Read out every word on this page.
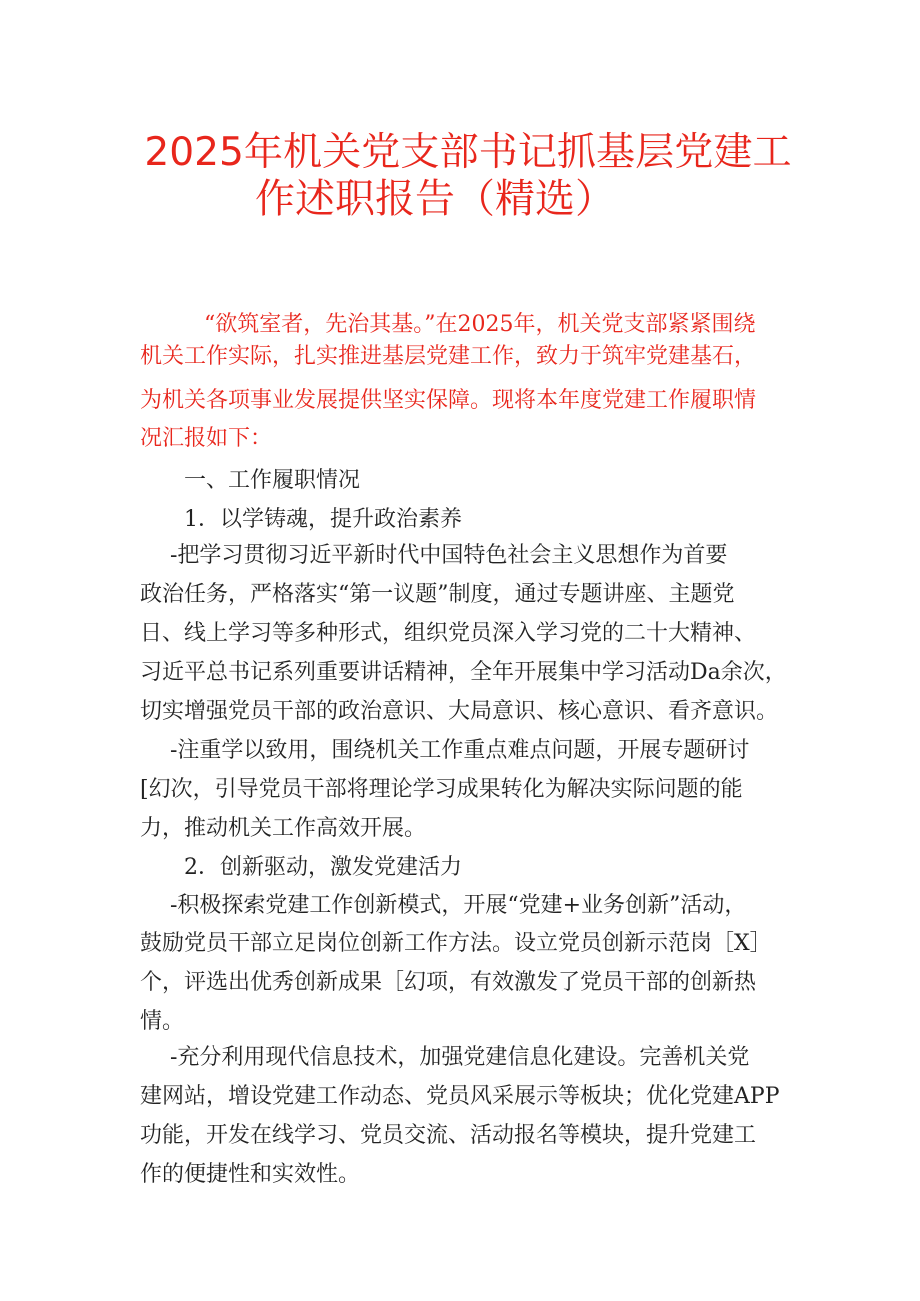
2025年机关党支部书记抓基层党建工
作述职报告（精选）
“欲筑室者，先治其基。”在2025年，机关党支部紧紧围绕
机关工作实际，扎实推进基层党建工作，致力于筑牢党建基石，
为机关各项事业发展提供坚实保障。现将本年度党建工作履职情
况汇报如下：
一、工作履职情况
1．以学铸魂，提升政治素养
-把学习贯彻习近平新时代中国特色社会主义思想作为首要
政治任务，严格落实“第一议题”制度，通过专题讲座、主题党
日、线上学习等多种形式，组织党员深入学习党的二十大精神、
习近平总书记系列重要讲话精神，全年开展集中学习活动Da余次，
切实增强党员干部的政治意识、大局意识、核心意识、看齐意识。
-注重学以致用，围绕机关工作重点难点问题，开展专题研讨
[幻次，引导党员干部将理论学习成果转化为解决实际问题的能
力，推动机关工作高效开展。
2．创新驱动，激发党建活力
-积极探索党建工作创新模式，开展“党建+业务创新”活动，
鼓励党员干部立足岗位创新工作方法。设立党员创新示范岗［X］
个，评选出优秀创新成果［幻项，有效激发了党员干部的创新热
情。
-充分利用现代信息技术，加强党建信息化建设。完善机关党
建网站，增设党建工作动态、党员风采展示等板块；优化党建APP
功能，开发在线学习、党员交流、活动报名等模块，提升党建工
作的便捷性和实效性。
